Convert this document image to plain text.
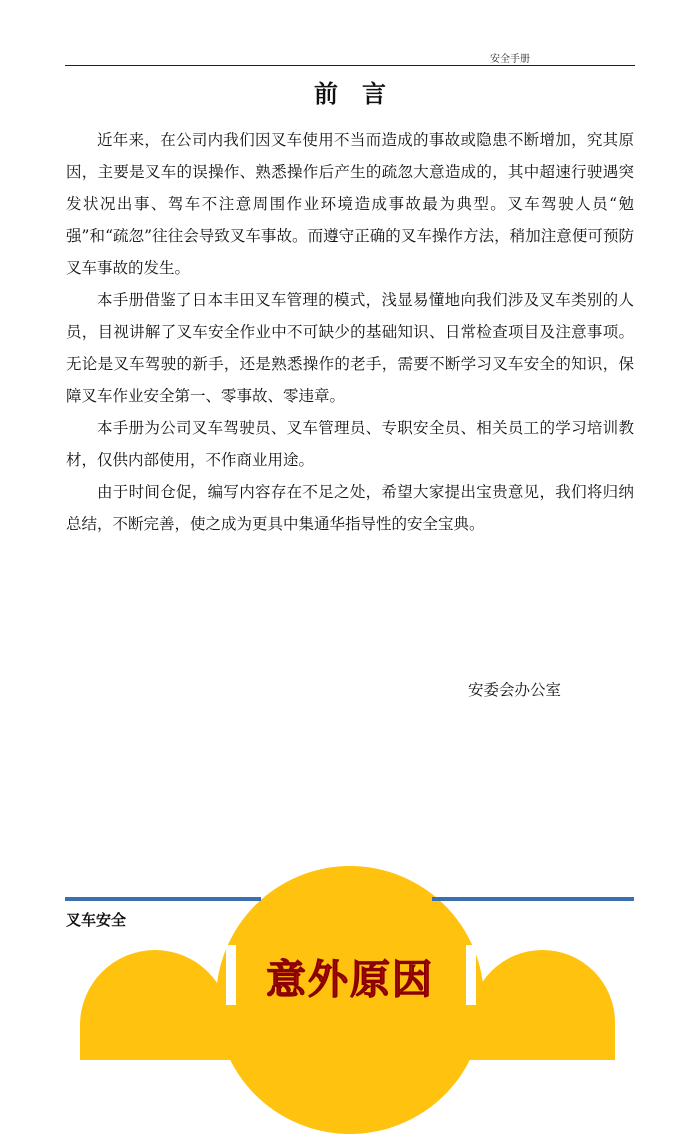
安全手册
前言

近年来，在公司内我们因叉车使用不当而造成的事故或隐患不断增加，究其原因，主要是叉车的误操作、熟悉操作后产生的疏忽大意造成的，其中超速行驶遇突发状况出事、驾车不注意周围作业环境造成事故最为典型。叉车驾驶人员“勉强”和“疏忽”往往会导致叉车事故。而遵守正确的叉车操作方法，稍加注意便可预防叉车事故的发生。

本手册借鉴了日本丰田叉车管理的模式，浅显易懂地向我们涉及叉车类别的人员，目视讲解了叉车安全作业中不可缺少的基础知识、日常检查项目及注意事项。无论是叉车驾驶的新手，还是熟悉操作的老手，需要不断学习叉车安全的知识，保障叉车作业安全第一、零事故、零违章。

本手册为公司叉车驾驶员、叉车管理员、专职安全员、相关员工的学习培训教材，仅供内部使用，不作商业用途。

由于时间仓促，编写内容存在不足之处，希望大家提出宝贵意见，我们将归纳总结，不断完善，使之成为更具中集通华指导性的安全宝典。

安委会办公室
叉车安全
意外原因
